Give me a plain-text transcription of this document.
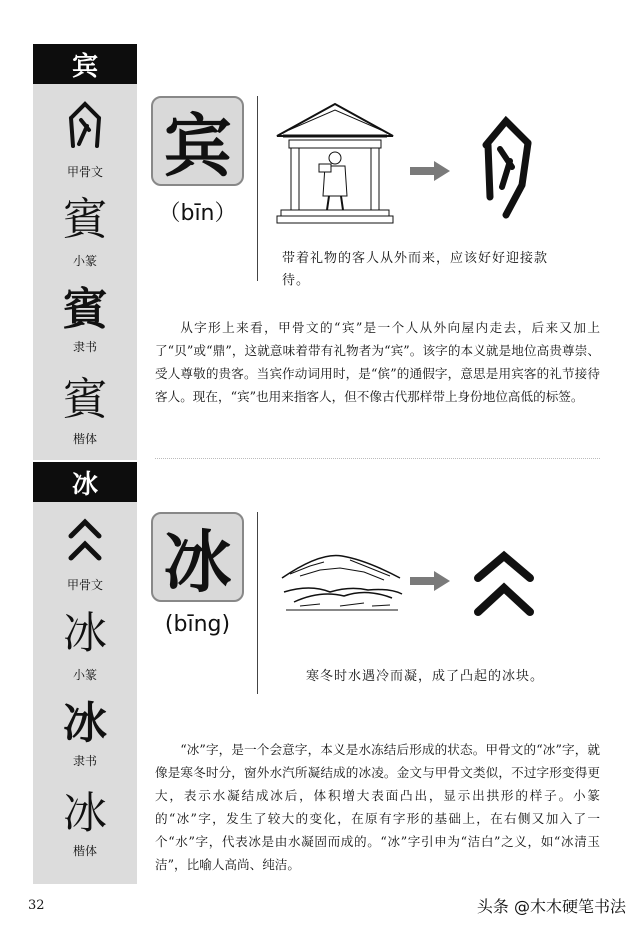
宾
甲骨文
賓
小篆
賓
隶书
賓
楷体
宾
（bīn）
带着礼物的客人从外而来，应该好好迎接款待。
从字形上来看，甲骨文的“宾”是一个人从外向屋内走去，后来又加上了“贝”或“鼎”，这就意味着带有礼物者为“宾”。该字的本义就是地位高贵尊崇、受人尊敬的贵客。当宾作动词用时，是“傧”的通假字，意思是用宾客的礼节接待客人。现在，“宾”也用来指客人，但不像古代那样带上身份地位高低的标签。
冰
甲骨文
冰
小篆
冰
隶书
冰
楷体
冰
(bīng)
寒冬时水遇冷而凝，成了凸起的冰块。
“冰”字，是一个会意字，本义是水冻结后形成的状态。甲骨文的“冰”字，就像是寒冬时分，窗外水汽所凝结成的冰凌。金文与甲骨文类似，不过字形变得更大，表示水凝结成冰后，体积增大表面凸出，显示出拱形的样子。小篆的“冰”字，发生了较大的变化，在原有字形的基础上，在右侧又加入了一个“水”字，代表冰是由水凝固而成的。“冰”字引申为“洁白”之义，如“冰清玉洁”，比喻人高尚、纯洁。
32	头条 @木木硬笔书法
